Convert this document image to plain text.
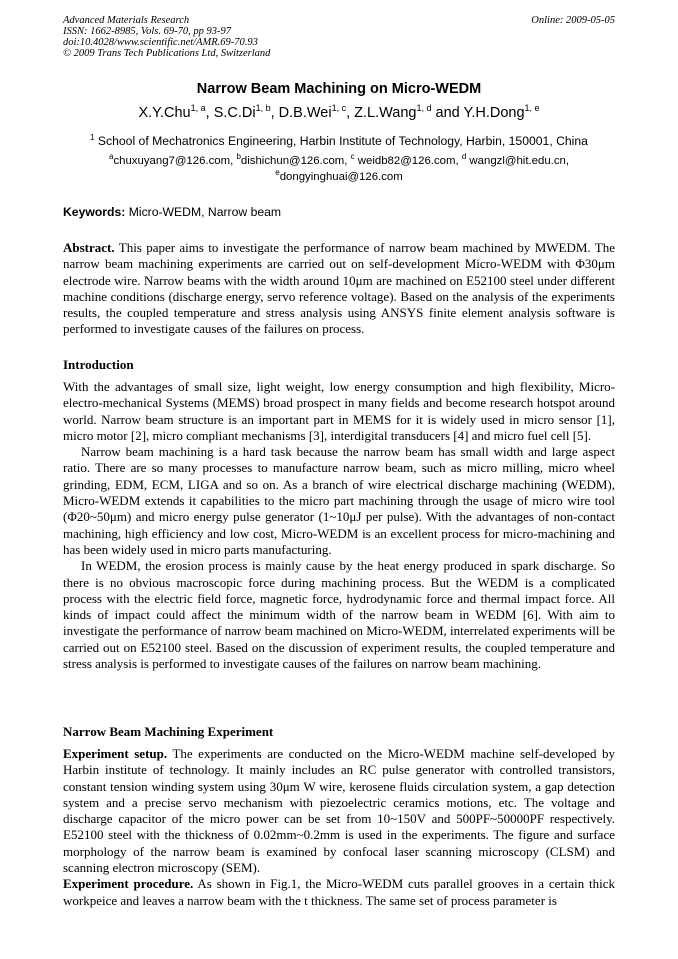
Advanced Materials Research
ISSN: 1662-8985, Vols. 69-70, pp 93-97
doi:10.4028/www.scientific.net/AMR.69-70.93
© 2009 Trans Tech Publications Ltd, Switzerland
Online: 2009-05-05
Narrow Beam Machining on Micro-WEDM
X.Y.Chu$^{1, a}$, S.C.Di$^{1, b}$, D.B.Wei$^{1, c}$, Z.L.Wang$^{1, d}$ and Y.H.Dong$^{1, e}$
$^1$ School of Mechatronics Engineering, Harbin Institute of Technology, Harbin, 150001, China
$^a$chuxuyang7@126.com, $^b$dishichun@126.com, $^c$ weidb82@126.com, $^d$ wangzl@hit.edu.cn,
$^e$dongyinghuai@126.com
Keywords: Micro-WEDM, Narrow beam

Abstract. This paper aims to investigate the performance of narrow beam machined by MWEDM. The narrow beam machining experiments are carried out on self-development Micro-WEDM with Φ30μm electrode wire. Narrow beams with the width around 10μm are machined on E52100 steel under different machine conditions (discharge energy, servo reference voltage). Based on the analysis of the experiments results, the coupled temperature and stress analysis using ANSYS finite element analysis software is performed to investigate causes of the failures on process.

Introduction

With the advantages of small size, light weight, low energy consumption and high flexibility, Micro-electro-mechanical Systems (MEMS) broad prospect in many fields and become research hotspot around world. Narrow beam structure is an important part in MEMS for it is widely used in micro sensor [1], micro motor [2], micro compliant mechanisms [3], interdigital transducers [4] and micro fuel cell [5].

Narrow beam machining is a hard task because the narrow beam has small width and large aspect ratio. There are so many processes to manufacture narrow beam, such as micro milling, micro wheel grinding, EDM, ECM, LIGA and so on. As a branch of wire electrical discharge machining (WEDM), Micro-WEDM extends it capabilities to the micro part machining through the usage of micro wire tool (Φ20~50μm) and micro energy pulse generator (1~10μJ per pulse). With the advantages of non-contact machining, high efficiency and low cost, Micro-WEDM is an excellent process for micro-machining and has been widely used in micro parts manufacturing.

In WEDM, the erosion process is mainly cause by the heat energy produced in spark discharge. So there is no obvious macroscopic force during machining process. But the WEDM is a complicated process with the electric field force, magnetic force, hydrodynamic force and thermal impact force. All kinds of impact could affect the minimum width of the narrow beam in WEDM [6]. With aim to investigate the performance of narrow beam machined on Micro-WEDM, interrelated experiments will be carried out on E52100 steel. Based on the discussion of experiment results, the coupled temperature and stress analysis is performed to investigate causes of the failures on narrow beam machining.

Narrow Beam Machining Experiment

Experiment setup. The experiments are conducted on the Micro-WEDM machine self-developed by Harbin institute of technology. It mainly includes an RC pulse generator with controlled transistors, constant tension winding system using 30μm W wire, kerosene fluids circulation system, a gap detection system and a precise servo mechanism with piezoelectric ceramics motions, etc. The voltage and discharge capacitor of the micro power can be set from 10~150V and 500PF~50000PF respectively. E52100 steel with the thickness of 0.02mm~0.2mm is used in the experiments. The figure and surface morphology of the narrow beam is examined by confocal laser scanning microscopy (CLSM) and scanning electron microscopy (SEM).

Experiment procedure. As shown in Fig.1, the Micro-WEDM cuts parallel grooves in a certain thick workpeice and leaves a narrow beam with the t thickness. The same set of process parameter is
